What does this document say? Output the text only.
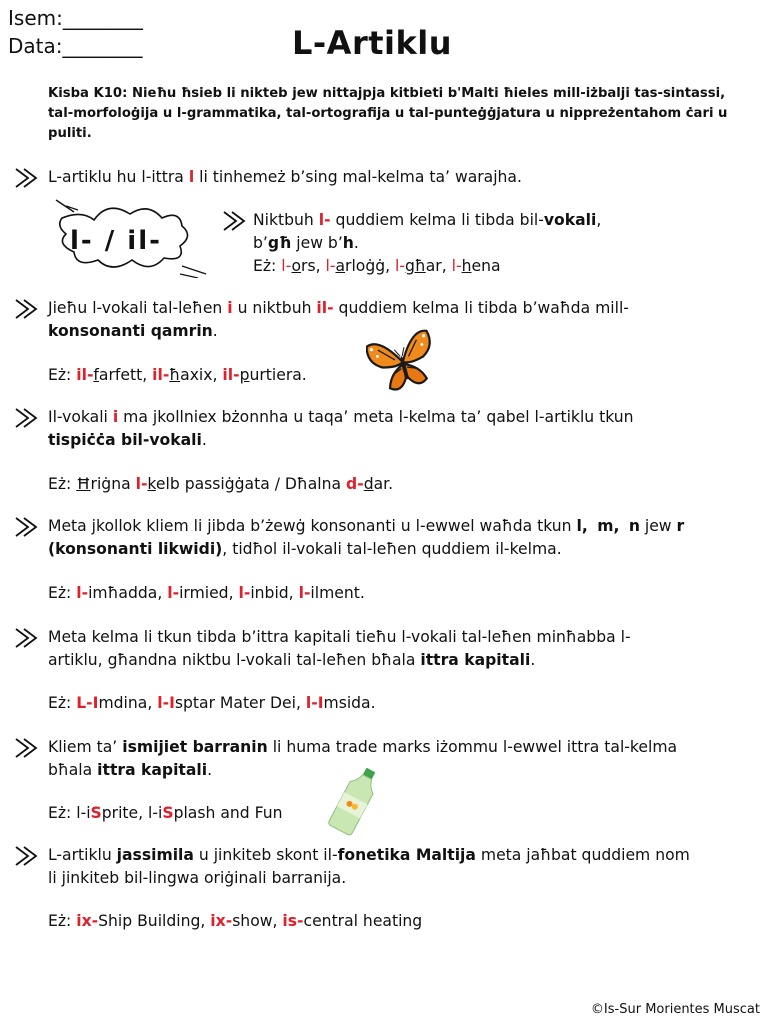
Isem:________
Data:________	L-Artiklu
Kisba K10: Nieħu ħsieb li nikteb jew nittajpja kitbieti b'Malti ħieles mill-iżbalji tas-sintassi, tal-morfoloġija u l-grammatika, tal-ortografija u tal-punteġġjatura u nippreżentahom ċari u puliti.
L-artiklu hu l-ittra l li tinhemeż b’sing mal-kelma ta’ warajha.
l- / il-
Niktbuh l- quddiem kelma li tibda bil-vokali,
b’għ jew b’h.
Eż: l-ors, l-arloġġ, l-għar, l-hena
Jieħu l-vokali tal-leħen i u niktbuh il- quddiem kelma li tibda b’waħda mill-
konsonanti qamrin.
Eż: il-farfett, il-ħaxix, il-purtiera.
Il-vokali i ma jkollniex bżonnha u taqa’ meta l-kelma ta’ qabel l-artiklu tkun
tispiċċa bil-vokali.
Eż: Ħriġna l-kelb passiġġata / Dħalna d-dar.
Meta jkollok kliem li jibda b’żewġ konsonanti u l-ewwel waħda tkun l, m, n jew r
(konsonanti likwidi), tidħol il-vokali tal-leħen quddiem il-kelma.
Eż: l-imħadda, l-irmied, l-inbid, l-ilment.
Meta kelma li tkun tibda b’ittra kapitali tieħu l-vokali tal-leħen minħabba l-
artiklu, għandna niktbu l-vokali tal-leħen bħala ittra kapitali.
Eż: L-Imdina, l-Isptar Mater Dei, l-Imsida.
Kliem ta’ ismijiet barranin li huma trade marks iżommu l-ewwel ittra tal-kelma
bħala ittra kapitali.
Eż: l-iSprite, l-iSplash and Fun
L-artiklu jassimila u jinkiteb skont il-fonetika Maltija meta jaħbat quddiem nom
li jinkiteb bil-lingwa oriġinali barranija.
Eż: ix-Ship Building, ix-show, is-central heating
©Is-Sur Morientes Muscat
